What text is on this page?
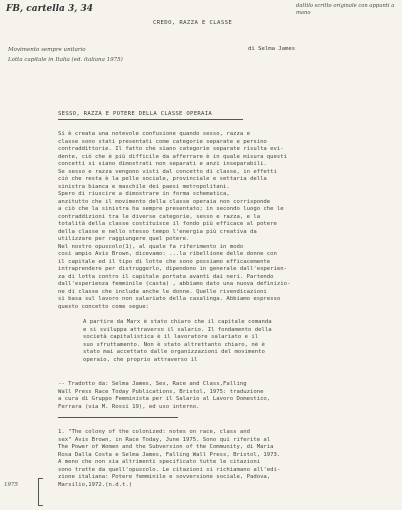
FB, cartella 3, 34	dattilo scritto originale con appunti a mano
Movimento sempre unitario
Lotta capitale in Italia (ed. italiana 1975)
1975
CREDO, RAZZA E CLASSE
di Selma James
SESSO, RAZZA E POTERE DELLA CLASSE OPERAIA
Si è creata una notevole confusione quando sesso, razza e
classe sono stati presentati come categorie separate e persino
contraddittorie. Il fatto che siano categorie separate risulta evi-
dente, ciò che è più difficile da afferrare è in quale misura questi
concetti si siano dimostrati non separati e anzi inseparabili.
Se sesso e razza vengono visti dal concetto di classe, in effetti
ciò che resta è la pelle sociale, provinciale e settaria della
sinistra bianca e maschile dei paesi metropolitani.
Spero di riuscire a dimostrare in forma schematica,
anzitutto che il movimento della classe operaia non corrisponde
a ciò che la sinistra ha sempre presentato; in secondo luogo che le
contraddizioni tra le diverse categorie, sesso e razza, e la
totalità della classe costituisce il fondo più efficace al potere
della classe e nello stesso tempo l'energia più creativa da
utilizzare per raggiungere quel potere.
Nel nostro opuscolo(1), al quale fa riferimento in modo
così ampio Avis Brown, dicevamo: ...la ribellione delle donne con
il capitale ed il tipo di lotte che sono possiamo efficacemente
intraprendere per distruggerlo, dipendono in generale dall'esperien-
za di lotta contro il capitale portata avanti dai neri. Partendo
dall'esperienza femminile (casta) , abbiamo dato una nuova definizio-
ne di classe che includa anche le donne. Quelle rivendicazioni
si basa sul lavoro non salariato della casalinga. Abbiamo espresso
questo concetto come segue:
A partire da Marx è stato chiaro che il capitale comanda
e si sviluppa attraverso il salario. Il fondamento della
società capitalistica è il lavoratore salariato e il
suo sfruttamento. Non è stato altrettanto chiaro, nè è
stato mai accettato dalle organizzazioni del movimento
operaio, che proprio attraverso il
-- Tradotto da: Selma James, Sex, Race and Class,Falling
Wall Press Race Today Publications, Bristol, 1975: traduzione
a cura di Gruppo Femminista per il Salario al Lavoro Domestico,
Ferrara (via M. Rossi 19), ed uso interno.
1. "The colony of the colonized: notes on race, class and
sex" Avis Brown, in Race Today, June 1975. Sono qui riferite al
The Power of Women and the Subversion of the Community, di Maria
Rosa Dalla Costa e Selma James, Falling Wall Press, Bristol, 1973.
A meno che non sia altrimenti specificato tutte le citazioni
sono tratte da quell'opuscolo. Le citazioni si richiamano all'edi-
zione italiana: Potere femminile e sovversione sociale, Padova,
Marsilio,1972.(n.d.t.)
